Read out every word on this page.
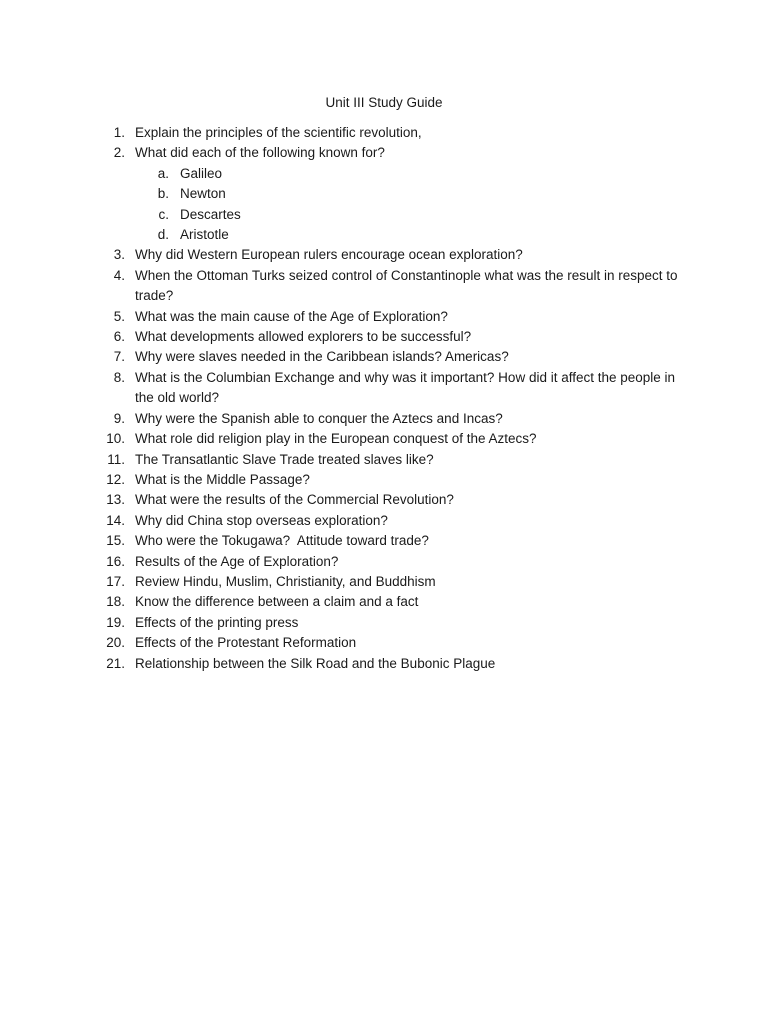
Unit III Study Guide
1. Explain the principles of the scientific revolution,
2. What did each of the following known for?
a. Galileo
b. Newton
c. Descartes
d. Aristotle
3. Why did Western European rulers encourage ocean exploration?
4. When the Ottoman Turks seized control of Constantinople what was the result in respect to trade?
5. What was the main cause of the Age of Exploration?
6. What developments allowed explorers to be successful?
7. Why were slaves needed in the Caribbean islands? Americas?
8. What is the Columbian Exchange and why was it important? How did it affect the people in the old world?
9. Why were the Spanish able to conquer the Aztecs and Incas?
10. What role did religion play in the European conquest of the Aztecs?
11. The Transatlantic Slave Trade treated slaves like?
12. What is the Middle Passage?
13. What were the results of the Commercial Revolution?
14. Why did China stop overseas exploration?
15. Who were the Tokugawa?  Attitude toward trade?
16. Results of the Age of Exploration?
17. Review Hindu, Muslim, Christianity, and Buddhism
18. Know the difference between a claim and a fact
19. Effects of the printing press
20. Effects of the Protestant Reformation
21. Relationship between the Silk Road and the Bubonic Plague
